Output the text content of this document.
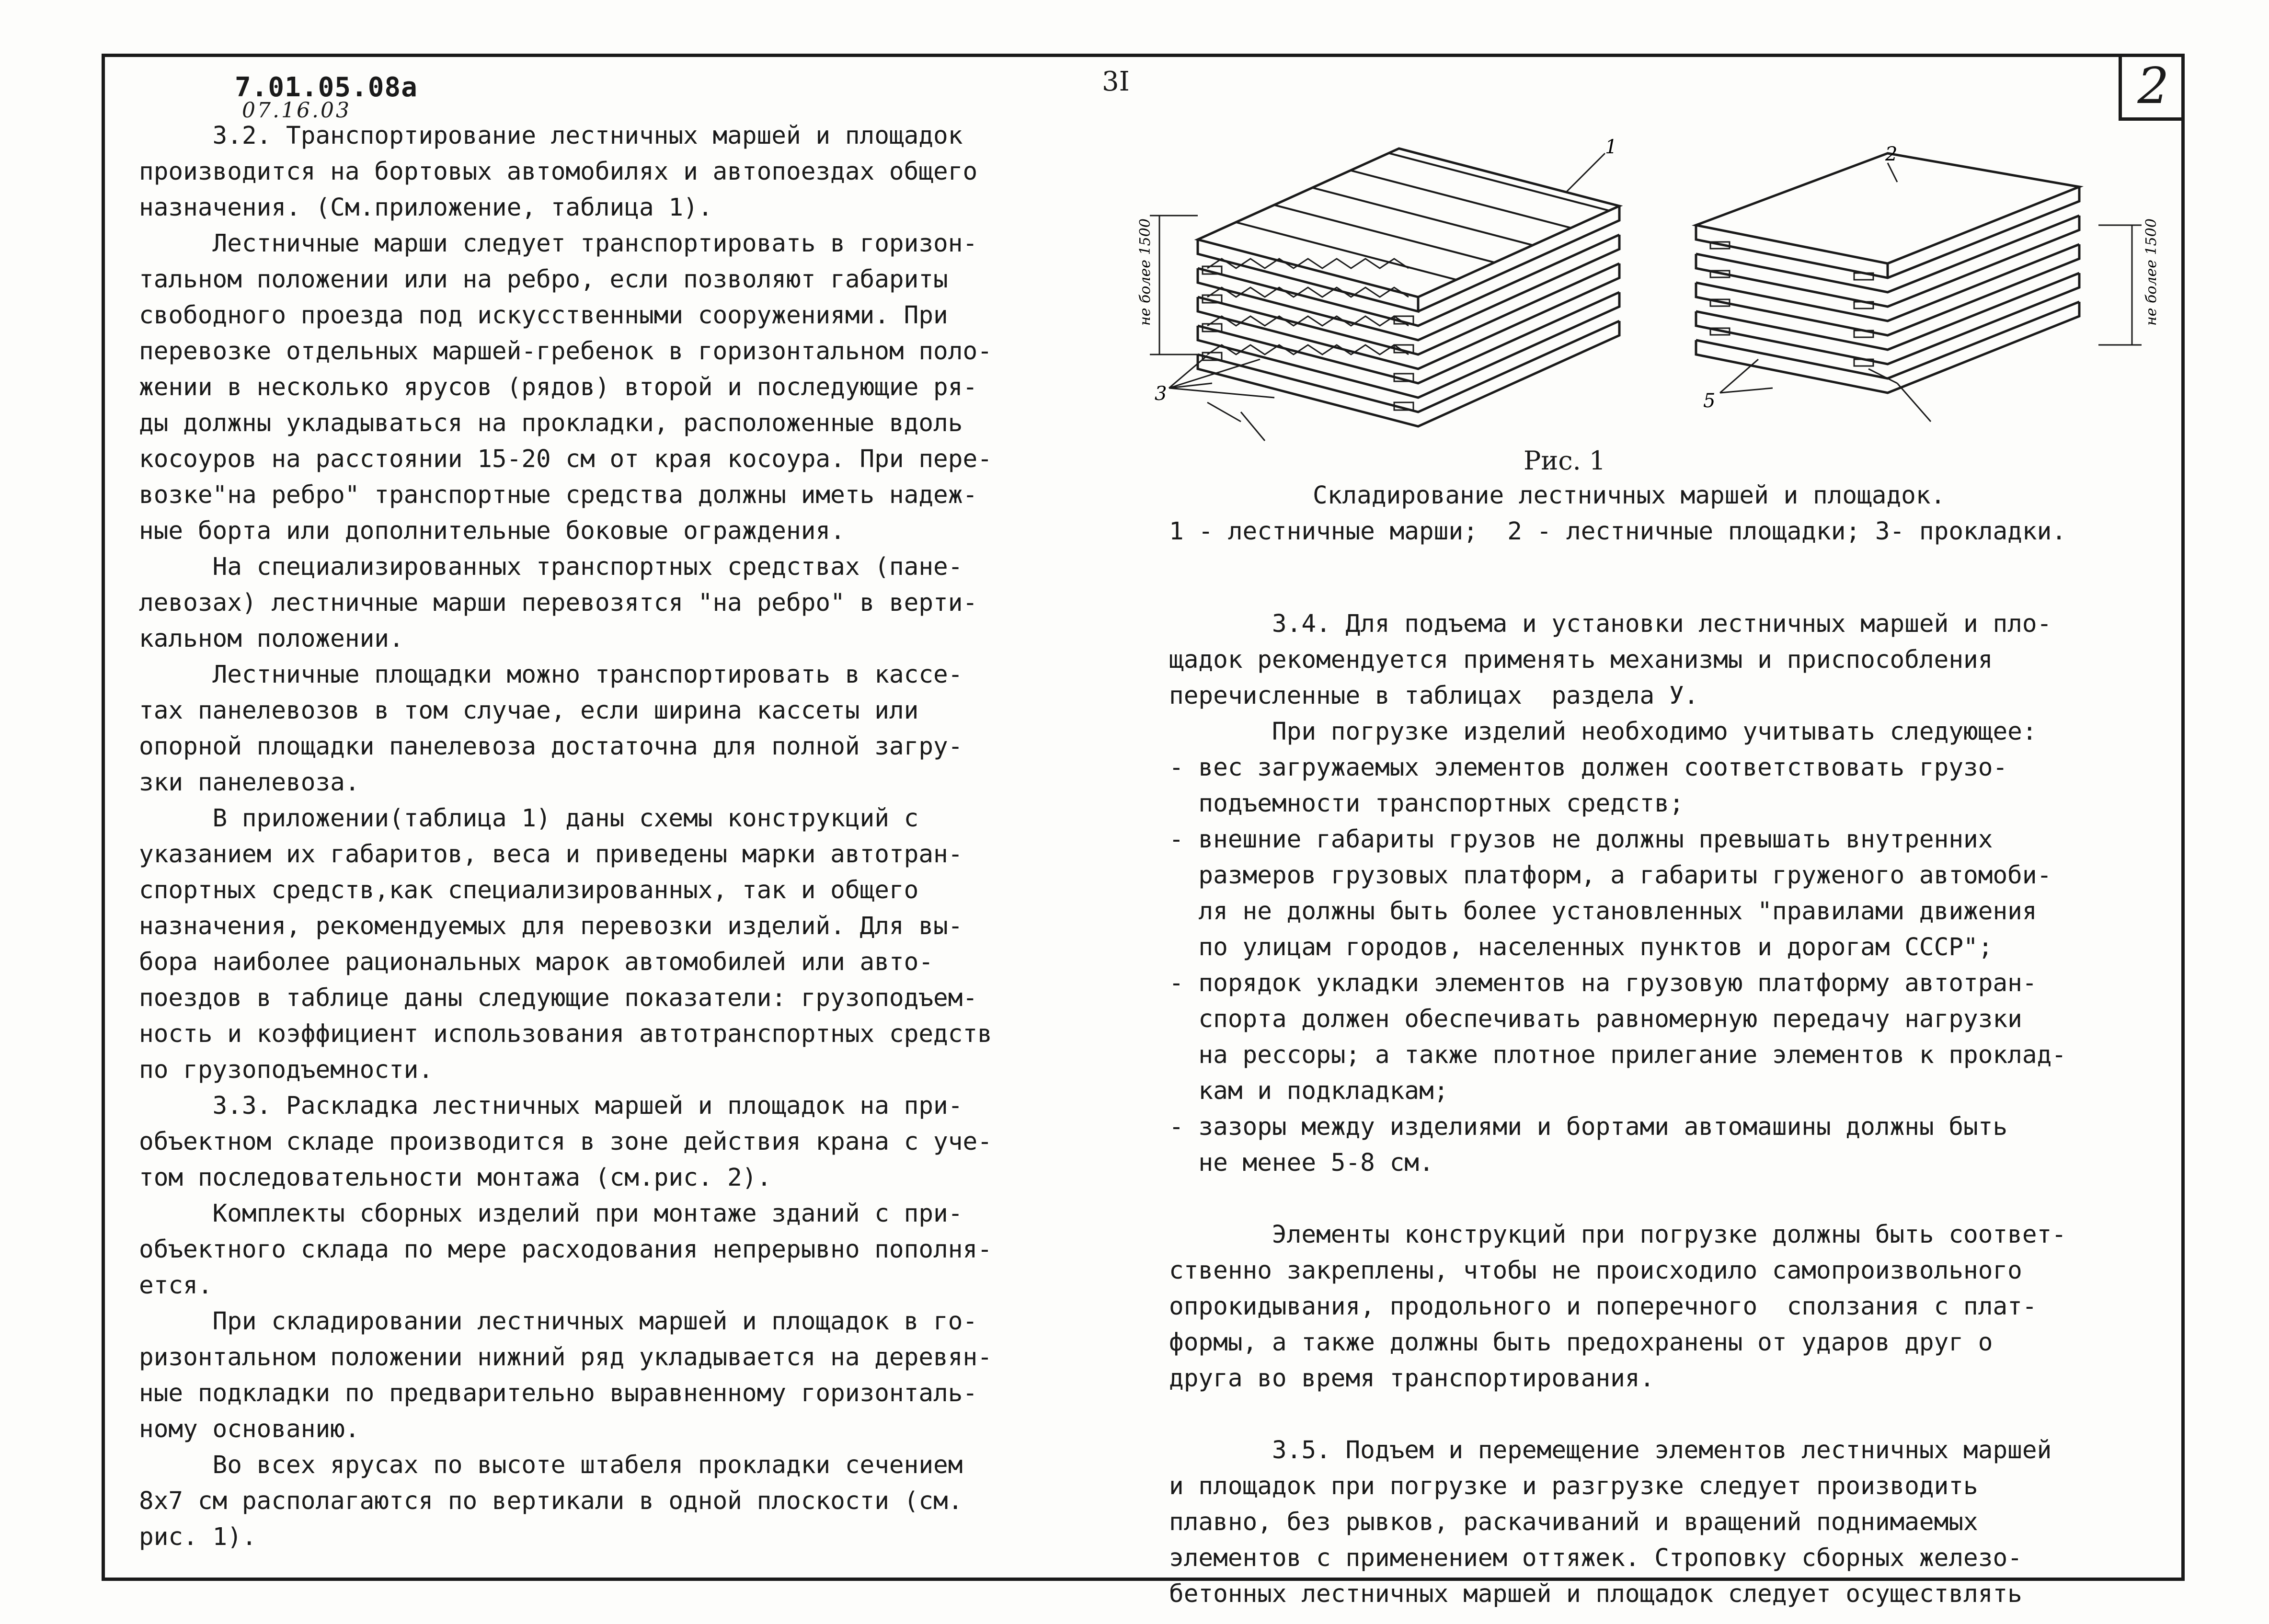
2
7.01.05.08а
07.16.03
3I

3.2. Транспортирование лестничных маршей и площадок

производится на бортовых автомобилях и автопоездах общего

назначения. (См.приложение, таблица 1).

Лестничные марши следует транспортировать в горизон-

тальном положении или на ребро, если позволяют габариты

свободного проезда под искусственными сооружениями. При

перевозке отдельных маршей-гребенок в горизонтальном поло-

жении в несколько ярусов (рядов) второй и последующие ря-

ды должны укладываться на прокладки, расположенные вдоль

косоуров на расстоянии 15-20 см от края косоура. При пере-

возке"на ребро" транспортные средства должны иметь надеж-

ные борта или дополнительные боковые ограждения.

На специализированных транспортных средствах (пане-

левозах) лестничные марши перевозятся "на ребро" в верти-

кальном положении.

Лестничные площадки можно транспортировать в кассе-

тах панелевозов в том случае, если ширина кассеты или

опорной площадки панелевоза достаточна для полной загру-

зки панелевоза.

В приложении(таблица 1) даны схемы конструкций с

указанием их габаритов, веса и приведены марки автотран-

спортных средств,как специализированных, так и общего

назначения, рекомендуемых для перевозки изделий. Для вы-

бора наиболее рациональных марок автомобилей или авто-

поездов в таблице даны следующие показатели: грузоподъем-

ность и коэффициент использования автотранспортных средств

по грузоподъемности.

3.3. Раскладка лестничных маршей и площадок на при-

объектном складе производится в зоне действия крана с уче-

том последовательности монтажа (см.рис. 2).

Комплекты сборных изделий при монтаже зданий с при-

объектного склада по мере расходования непрерывно пополня-

ется.

При складировании лестничных маршей и площадок в го-

ризонтальном положении нижний ряд укладывается на деревян-

ные подкладки по предварительно выравненному горизонталь-

ному основанию.

Во всех ярусах по высоте штабеля прокладки сечением

8х7 см располагаются по вертикали в одной плоскости (см.

рис. 1).

1	2
3	5
не более 1500	не более 1500
Рис. 1
Складирование лестничных маршей и площадок.
1 - лестничные марши;  2 - лестничные площадки; 3- прокладки.

3.4. Для подъема и установки лестничных маршей и пло-

щадок рекомендуется применять механизмы и приспособления

перечисленные в таблицах  раздела У.

При погрузке изделий необходимо учитывать следующее:

- вес загружаемых элементов должен соответствовать грузо-

подъемности транспортных средств;

- внешние габариты грузов не должны превышать внутренних

размеров грузовых платформ, а габариты груженого автомоби-

ля не должны быть более установленных "правилами движения

по улицам городов, населенных пунктов и дорогам СССР";

- порядок укладки элементов на грузовую платформу автотран-

спорта должен обеспечивать равномерную передачу нагрузки

на рессоры; а также плотное прилегание элементов к проклад-

кам и подкладкам;

- зазоры между изделиями и бортами автомашины должны быть

не менее 5-8 см.

Элементы конструкций при погрузке должны быть соответ-

ственно закреплены, чтобы не происходило самопроизвольного

опрокидывания, продольного и поперечного  сползания с плат-

формы, а также должны быть предохранены от ударов друг о

друга во время транспортирования.

3.5. Подъем и перемещение элементов лестничных маршей

и площадок при погрузке и разгрузке следует производить

плавно, без рывков, раскачиваний и вращений поднимаемых

элементов с применением оттяжек. Строповку сборных железо-

бетонных лестничных маршей и площадок следует осуществлять
